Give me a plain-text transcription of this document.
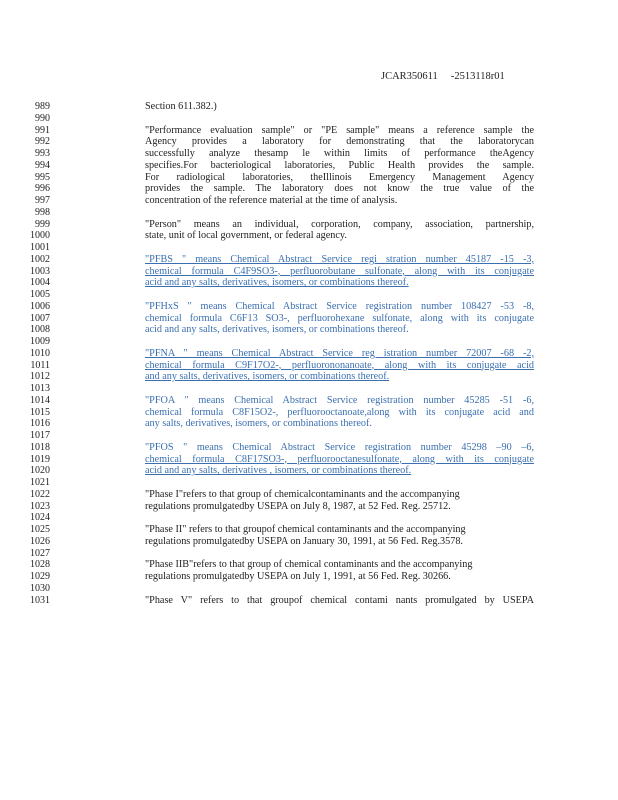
JCAR350611 -2513118r01
989	Section 611.382.)
990
991	"Performance evaluation sample" or "PE sample" means a reference sample the
992	Agency provides a laboratory for demonstrating that the laboratorycan
993	successfully analyze thesamp le within limits of performance theAgency
994	specifies.For bacteriological laboratories, Public Health provides the sample.
995	For radiological laboratories, theIllinois Emergency Management Agency
996	provides the sample. The laboratory does not know the true value of the
997	concentration of the reference material at the time of analysis.
998
999	"Person" means an individual, corporation, company, association, partnership,
1000	state, unit of local government, or federal agency.
1001
1002	"PFBS " means Chemical Abstract Service regi stration number 45187 -15 -3,
1003	chemical formula C4F9SO3-, perfluorobutane sulfonate, along with its conjugate
1004	acid and any salts, derivatives, isomers, or combinations thereof.
1005
1006	"PFHxS " means Chemical Abstract Service registration number 108427 -53 -8,
1007	chemical formula C6F13 SO3-, perfluorohexane sulfonate, along with its conjugate
1008	acid and any salts, derivatives, isomers, or combinations thereof.
1009
1010	"PFNA " means Chemical Abstract Service reg istration number 72007 -68 -2,
1011	chemical formula C9F17O2-, perfluorononanoate, along with its conjugate acid
1012	and any salts, derivatives, isomers, or combinations thereof.
1013
1014	"PFOA " means Chemical Abstract Service registration number 45285 -51 -6,
1015	chemical formula C8F15O2-, perfluorooctanoate,along with its conjugate acid and
1016	any salts, derivatives, isomers, or combinations thereof.
1017
1018	"PFOS " means Chemical Abstract Service registration number 45298 –90 –6,
1019	chemical formula C8F17SO3-, perfluorooctanesulfonate, along with its conjugate
1020	acid and any salts, derivatives , isomers, or combinations thereof.
1021
1022	"Phase I"refers to that group of chemicalcontaminants and the accompanying
1023	regulations promulgatedby USEPA on July 8, 1987, at 52 Fed. Reg. 25712.
1024
1025	"Phase II" refers to that groupof chemical contaminants and the accompanying
1026	regulations promulgatedby USEPA on January 30, 1991, at 56 Fed. Reg.3578.
1027
1028	"Phase IIB"refers to that group of chemical contaminants and the accompanying
1029	regulations promulgatedby USEPA on July 1, 1991, at 56 Fed. Reg. 30266.
1030
1031	"Phase V" refers to that groupof chemical contami nants promulgated by USEPA
